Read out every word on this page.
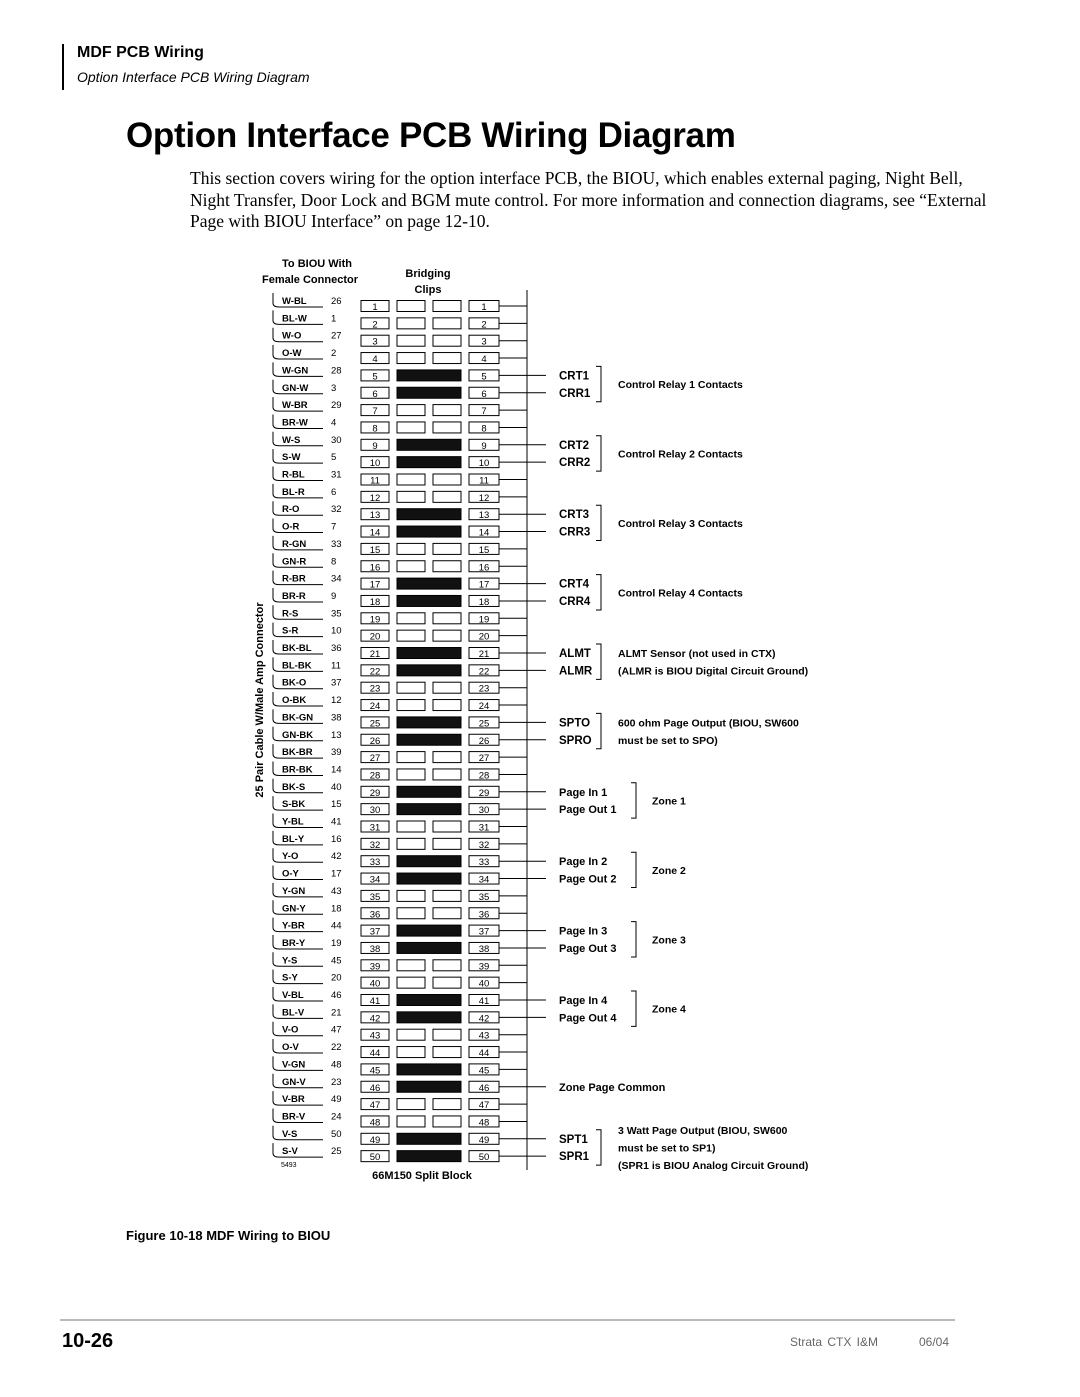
MDF PCB Wiring
Option Interface PCB Wiring Diagram
Option Interface PCB Wiring Diagram
This section covers wiring for the option interface PCB, the BIOU, which enables external paging, Night Bell, Night Transfer, Door Lock and BGM mute control. For more information and connection diagrams, see “External Page with BIOU Interface” on page 12-10.
To BIOU With
Female Connector	Bridging
Clips
25 Pair Cable W/Male Amp Connector
66M150 Split Block
5493
W-BL	26
BL-W	1
W-O	27
O-W	2
W-GN 28
GN-W 3
W-BR 29
BR-W 4
W-S	30
S-W	5
R-BL	31
BL-R	6
R-O	32
O-R	7
R-GN	33
GN-R	8
R-BR	34
BR-R	9
R-S	35
S-R	10
BK-BL 36
BL-BK 11
BK-O	37
O-BK	12
BK-GN 38
GN-BK 13
BK-BR 39
BR-BK 14
BK-S	40
S-BK	15
Y-BL	41
BL-Y	16
Y-O	42
O-Y	17
Y-GN	43
GN-Y	18
Y-BR	44
BR-Y	19
Y-S	45
S-Y	20
V-BL	46
BL-V	21
V-O	47
O-V	22
V-GN	48
GN-V	23
V-BR	49
BR-V	24
V-S	50
S-V	25
1	1
2	2
3	3
4	4
5	5
6	6
7	7
8	8
9	9
10	10
11	11
12	12
13	13
14	14
15	15
16	16
17	17
18	18
19	19
20	20
21	21
22	22
23	23
24	24
25	25
26	26
27	27
28	28
29	29
30	30
31	31
32	32
33	33
34	34
35	35
36	36
37	37
38	38
39	39
40	40
41	41
42	42
43	43
44	44
45	45
46	46
47	47
48	48
49	49
50	50
CRT1
CRR1
Control Relay 1 Contacts
CRT2
CRR2
Control Relay 2 Contacts
CRT3
CRR3
Control Relay 3 Contacts
CRT4
CRR4
Control Relay 4 Contacts
ALMT
ALMR
ALMT Sensor (not used in CTX)
(ALMR is BIOU Digital Circuit Ground)
SPTO
SPRO
600 ohm Page Output (BIOU, SW600
must be set to SPO)
Page In 1
Page Out 1
Zone 1
Page In 2
Page Out 2
Zone 2
Page In 3
Page Out 3
Zone 3
Page In 4
Page Out 4
Zone 4
Zone Page Common
SPT1
SPR1
3 Watt Page Output (BIOU, SW600
must be set to SP1)
(SPR1 is BIOU Analog Circuit Ground)
Figure 10-18 MDF Wiring to BIOU
10-26	Strata CTX I&M	06/04
